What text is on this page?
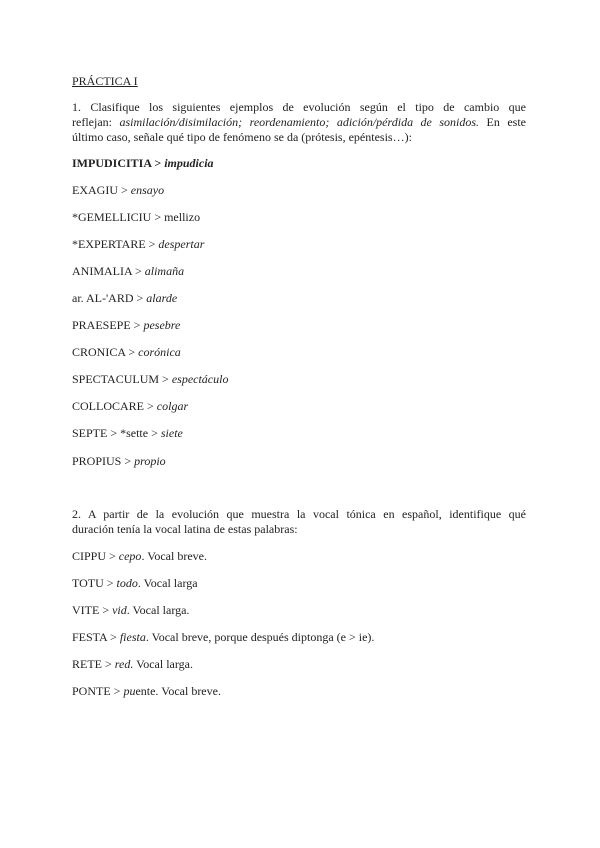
PRÁCTICA I

1. Clasifique los siguientes ejemplos de evolución según el tipo de cambio que

reflejan: asimilación/disimilación; reordenamiento; adición/pérdida de sonidos. En este

último caso, señale qué tipo de fenómeno se da (prótesis, epéntesis…):

IMPUDICITIA > impudicia
EXAGIU > ensayo
*GEMELLICIU > mellizo
*EXPERTARE > despertar
ANIMALIA > alimaña
ar. AL-'ARD > alarde
PRAESEPE > pesebre
CRONICA > corónica
SPECTACULUM > espectáculo
COLLOCARE > colgar
SEPTE > *sette > siete
PROPIUS > propio

2. A partir de la evolución que muestra la vocal tónica en español, identifique qué

duración tenía la vocal latina de estas palabras:

CIPPU > cepo. Vocal breve.
TOTU > todo. Vocal larga
VITE > vid. Vocal larga.
FESTA > fiesta. Vocal breve, porque después diptonga (e > ie).
RETE > red. Vocal larga.
PONTE > puente. Vocal breve.
